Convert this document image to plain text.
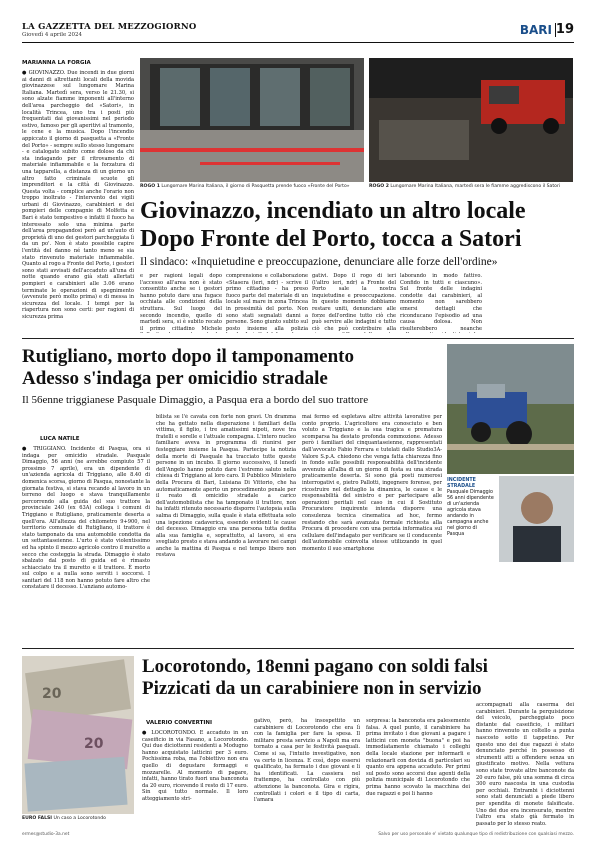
LA GAZZETTA DEL MEZZOGIORNO
Giovedì 4 aprile 2024	BARI 19
MARIANNA LA FORGIA

● GIOVINAZZO. Due incendi in due giorni ai danni di altrettanti locali della movida giovinazzese sul lungomare Marina Italiana. Martedì sera, verso le 21.30, si sono alzate fiamme imponenti all'interno dell'area parcheggio del «Satori», in località Trincea, uno tra i posti più frequentati dai giovanissimi nel periodo estivo, famoso per gli aperitivi al tramonto, le cene e la musica. Dopo l'incendio appiccato il giorno di pasquetta a «Fronte del Porto» - sempre sullo stesso lungomare - e catalogato subito come doloso da chi sta indagando per il ritrovamento di materiale infiammabile e la forzatura di una tapparella, a distanza di un giorno un altro fatto criminale scuote gli imprenditori e la città di Giovinazzo. Questa volta - complice anche l'orario non troppo inoltrato - l'intervento dei vigili urbani di Giovinazzo, carabinieri e dei pompieri delle compagnie di Molfetta e Bari è stato tempestivo e infatti il fuoco ha interessato solo una minima parte dell'area propagandosi però ad un'auto di proprietà di uno dei gestori parcheggiata lì da un po'. Non è stato possibile capire l'entità del danno né tanto meno se sia stato rinvenuto materiale infiammabile. Quanto al rogo a Fronte del Porto, i gestori sono stati avvisati dell'accaduto all'una di notte quando erano già stati allertati pompieri e carabinieri alle 3.06 erano terminate le operazioni di spegnimento (avvenute però molto prima) e di messa in sicurezza del locale. I tempi per la riapertura non sono certi: per ragioni di sicurezza prima

ROGO 1 Lungomare Marina Italiana, il giorno di Pasquetta prende fuoco «Fronte del Porto»	ROGO 2 Lungomare Marina Italiana, martedì sera le fiamme aggrediscono il Satori
Giovinazzo, incendiato un altro locale
Dopo Fronte del Porto, tocca a Satori
Il sindaco: «Inquietudine e preoccupazione, denunciare alle forze dell'ordine»

e per ragioni legali dopo l'accesso all'area non è stato consentito anche se i gestori hanno potuto dare una fugace occhiata alle condizioni della struttura. Sul luogo del secondo incendio, quello di martedì sera, si è subito recato il primo cittadino Michele

comprensione e collaborazione «Stasera (ieri, ndr) - scrive il primo cittadino - ha preso fuoco parte del materiale di un locale sul mare in zona Trincea in prossimità del porto. Non sono stati segnalati danni a persone. Sono giunto subito sul posto insieme alla polizia

gativi. Dopo il rogo di ieri (l'altro ieri, ndr) a Fronte del Porto sale la nostra inquietudine e preoccupazione. In questo momento dobbiamo restare uniti, denunciare alle forze dell'ordine tutto ciò che può servire alle indagini e tutto ciò che può contribuire alla

laborando in modo fattivo. Confido in tutti e ciascuno». Sul fronte delle indagini condotte dai carabinieri, al momento non sarebbero emersi dettagli che riconducano l'episodio ad una causa dolosa. Non risulterebbero neanche

Rutigliano, morto dopo il tamponamento
Adesso s'indaga per omicidio stradale
Il 56enne triggianese Pasquale Dimaggio, a Pasqua era a bordo del suo trattore
INCIDENTE STRADALE
Pasquale Dimaggio 56 anni dipendente di un'azienda agricola stava andando in campagna anche nel giorno di Pasqua
LUCA NATILE

● TRIGGIANO. Incidente di Pasqua, ora si indaga per omicidio stradale. Pasquale Dimaggio, 56 anni (ne avrebbe compiuto 57 il prossimo 7 aprile), era un dipendente di un'azienda agricola di Triggiano, alle 8.40 di domenica scorsa, giorno di Pasqua, nonostante la giornata festiva, si stava recando al lavoro in un terreno del luogo e stava tranquillamente percorrendo alla guida del suo trattore la provinciale 240 (ex 63A) collega i comuni di Triggiano e Rutigliano, praticamente deserta a quell'ora. All'altezza del chilometro 9+900, nel territorio comunale di Rutigliano, il trattore è stato tamponato da una automobile condotta da un settantaseienne. L'urto è stato violentissimo ed ha spinto il mezzo agricolo contro il muretto a secco che costeggia la strada. Dimaggio è stato sbalzato dal posto di guida ed è rimasto schiacciato tra il muretto e il trattore. È morto sul colpo e a nulla sono serviti i soccorsi. I sanitari del 118 non hanno potuto fare altro che constatare il decesso. L'anziano automo-

bilista se l'è cavata con forte non gravi. Un dramma che ha gettato nella disperazione i familiari della vittima, il figlio, i tre amatissimi nipoti, nove tra fratelli e sorelle e l'attuale compagna. L'intero nucleo familiare aveva in programma di riunirsi per festeggiare insieme la Pasqua. Partecipe la notizia della morte di Pasquale ha tracciato tutte queste persone in un incubo. Il giorno successivo, il lunedì dell'Angelo hanno potuto dare l'estremo saluto nella chiesa di Triggiano al loro caro. Il Pubblico Ministero della Procura di Bari, Luisiana Di Vittorio, che ha automaticamente aperto un procedimento penale per il reato di omicidio stradale a carico dell'automobilista che ha tamponato il trattore, non ha infatti ritenuto necessario disporre l'autopsia sulla salma di Dimaggio, sulla quale è stata effettuata solo una ispezione cadaverica, essendo evidenti le cause del decesso. Dimaggio era una persona tutta dedita alla sua famiglia e, soprattutto, al lavoro, si era svegliato presto e stava andando a lavorare nei campi anche la mattina di Pasqua e nel tempo libero non restava

mai fermo ed espletava altre attività lavorative per conto proprio. L'agricoltore era conosciuto e ben voluto a Triggiano e la sua tragica e prematura scomparsa ha destato profonda commozione. Adesso però i familiari del cinquantaseienne, rappresentati dall'avvocato Fabio Ferrara e tutelati dallo Studio3A-Valore S.p.A. chiedono che venga fatta chiarezza fino in fondo sulle possibili responsabilità dell'incidente avvenuto all'alba di un giorno di festa su una strada praticamente deserta. Si sono già posti numerosi interrogativi e, pietro Pallotti, ingegnere forense, per ricostruire nel dettaglio la dinamica, le cause e le responsabilità del sinistro e per partecipare alle operazioni peritali nel caso in cui il Sostituto Procuratore inquirente intenda disporre una consulenza tecnica cinematica ad hoc, fermo restando che sarà avanzata formale richiesta alla Procura di procedere con una perizia informatica sul cellulare dell'indagato per verificare se il conducente dell'automobile coinvolta stesse utilizzando in quel momento il suo smartphone

20
20
EURO FALSI Un caso a Locorotondo
Locorotondo, 18enni pagano con soldi falsi
Pizzicati da un carabiniere non in servizio
VALERIO CONVERTINI

● LOCOROTONDO. È accaduto in un caseificio in via Fasano, a Locorotondo. Qui due diciottenni residenti a Modugno hanno acquistato latticini per 3 euro. Pochissima roba, ma l'obiettivo non era quello di degustare formaggi e mozzarelle. Al momento di pagare, infatti, hanno tirato fuori una banconota da 20 euro, ricevendo il resto di 17 euro. Sin qui tutto normale. Il loro atteggiamento stri-

gativo, però, ha insospettito un carabiniere di Locorotondo che era lì con la famiglia per fare la spesa. Il militare presta servizio a Napoli ma era tornato a casa per le festività pasquali. Come si sa, l'intuito investigativo, non va certo in licenza. E così, dopo essersi qualificato, ha fermato i due giovani e li ha identificati. La cassiera nel frattempo, ha controllato con più attenzione la banconota. Gira e rigira, controllati i colori e il tipo di carta, l'amara

sorpresa: la banconota era palesemente falsa. A quel punto, il carabiniere ha prima invitato i due giovani a pagare i latticini con moneta "buona" e poi ha immediatamente chiamato i colleghi della locale stazione per informarli e relazionarli con dovizia di particolari su quanto era appena accaduto. Per primi sul posto sono accorsi due agenti della polizia municipale di Locorotondo che prima hanno scovato la macchina dei due ragazzi e poi li hanno

accompagnati alla caserma dei carabinieri. Durante la perquisizione del veicolo, parcheggiato poco distante dal caseificio, i militari hanno rinvenuto un coltello a punta nascosto sotto il tappetino. Per questo uno dei due ragazzi è stato denunciato perché in possesso di strumenti atti a offendere senza un giustificato motivo. Nella vettura sono state trovate altre banconote da 20 euro false, più una somma di circa 300 euro nascosta in una custodia per occhiali. Entrambi i diciottenni sono stati denunciati a piede libero per spendita di monete falsificate. Uno dei due era incensurato, mentre l'altro era stato già fermato in passato per lo stesso reato.

ermes@studio-3a.net	Salvo per uso personale e' vietato qualunque tipo di redistribuzione con qualsiasi mezzo.
